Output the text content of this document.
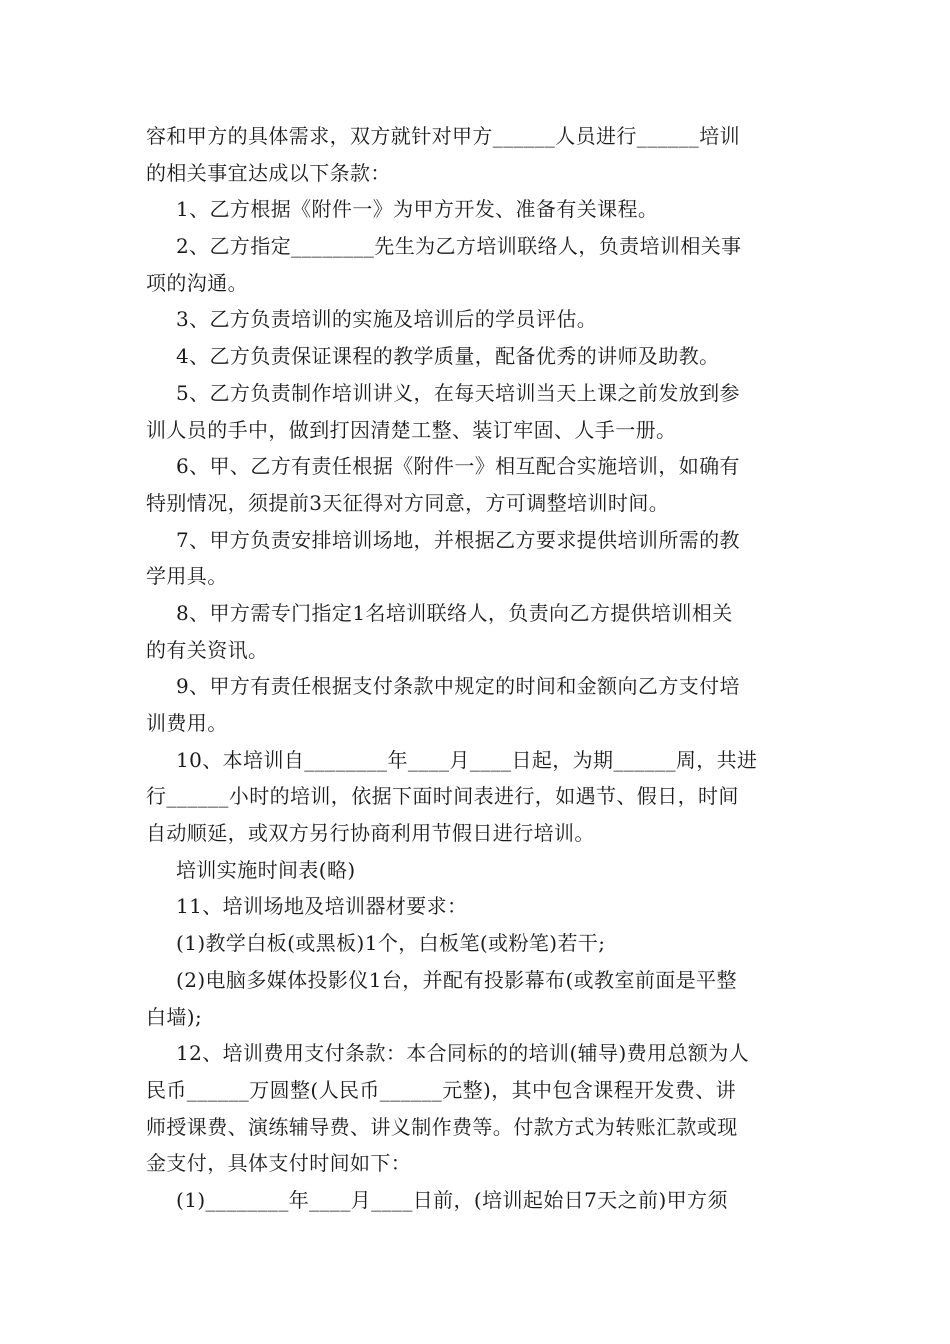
容和甲方的具体需求，双方就针对甲方______人员进行______培训
的相关事宜达成以下条款：
1、乙方根据《附件一》为甲方开发、准备有关课程。
2、乙方指定________先生为乙方培训联络人，负责培训相关事
项的沟通。
3、乙方负责培训的实施及培训后的学员评估。
4、乙方负责保证课程的教学质量，配备优秀的讲师及助教。
5、乙方负责制作培训讲义，在每天培训当天上课之前发放到参
训人员的手中，做到打因清楚工整、装订牢固、人手一册。
6、甲、乙方有责任根据《附件一》相互配合实施培训，如确有
特别情况，须提前3天征得对方同意，方可调整培训时间。
7、甲方负责安排培训场地，并根据乙方要求提供培训所需的教
学用具。
8、甲方需专门指定1名培训联络人，负责向乙方提供培训相关
的有关资讯。
9、甲方有责任根据支付条款中规定的时间和金额向乙方支付培
训费用。
10、本培训自________年____月____日起，为期______周，共进
行______小时的培训，依据下面时间表进行，如遇节、假日，时间
自动顺延，或双方另行协商利用节假日进行培训。
培训实施时间表(略)
11、培训场地及培训器材要求：
(1)教学白板(或黑板)1个，白板笔(或粉笔)若干;
(2)电脑多媒体投影仪1台，并配有投影幕布(或教室前面是平整
白墙);
12、培训费用支付条款：本合同标的的培训(辅导)费用总额为人
民币______万圆整(人民币______元整)，其中包含课程开发费、讲
师授课费、演练辅导费、讲义制作费等。付款方式为转账汇款或现
金支付，具体支付时间如下：
(1)________年____月____日前，(培训起始日7天之前)甲方须
